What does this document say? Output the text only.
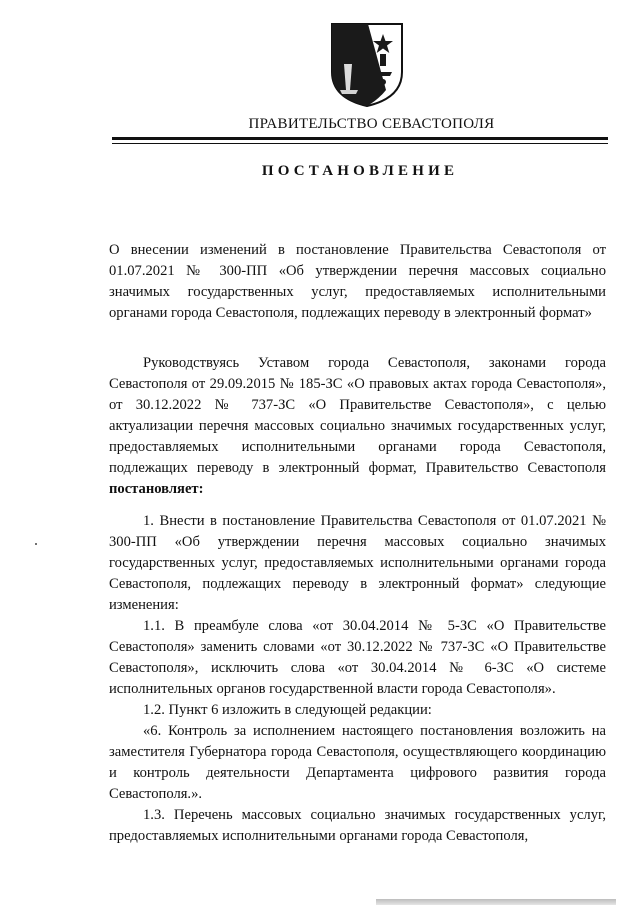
ПРАВИТЕЛЬСТВО СЕВАСТОПОЛЯ
ПОСТАНОВЛЕНИЕ

О внесении изменений в постановление Правительства Севастополя от 01.07.2021 № 300-ПП «Об утверждении перечня массовых социально значимых государственных услуг, предоставляемых исполнительными органами города Севастополя, подлежащих переводу в электронный формат»

Руководствуясь Уставом города Севастополя, законами города Севастополя от 29.09.2015 № 185-ЗС «О правовых актах города Севастополя», от 30.12.2022 № 737-ЗС «О Правительстве Севастополя», с целью актуализации перечня массовых социально значимых государственных услуг, предоставляемых исполнительными органами города Севастополя, подлежащих переводу в электронный формат, Правительство Севастополя постановляет:

1. Внести в постановление Правительства Севастополя от 01.07.2021 № 300-ПП «Об утверждении перечня массовых социально значимых государственных услуг, предоставляемых исполнительными органами города Севастополя, подлежащих переводу в электронный формат» следующие изменения:

1.1. В преамбуле слова «от 30.04.2014 № 5-ЗС «О Правительстве Севастополя» заменить словами «от 30.12.2022 № 737-ЗС «О Правительстве Севастополя», исключить слова «от 30.04.2014 № 6-ЗС «О системе исполнительных органов государственной власти города Севастополя».

1.2. Пункт 6 изложить в следующей редакции:

«6. Контроль за исполнением настоящего постановления возложить на заместителя Губернатора города Севастополя, осуществляющего координацию и контроль деятельности Департамента цифрового развития города Севастополя.».

1.3. Перечень массовых социально значимых государственных услуг, предоставляемых исполнительными органами города Севастополя,
